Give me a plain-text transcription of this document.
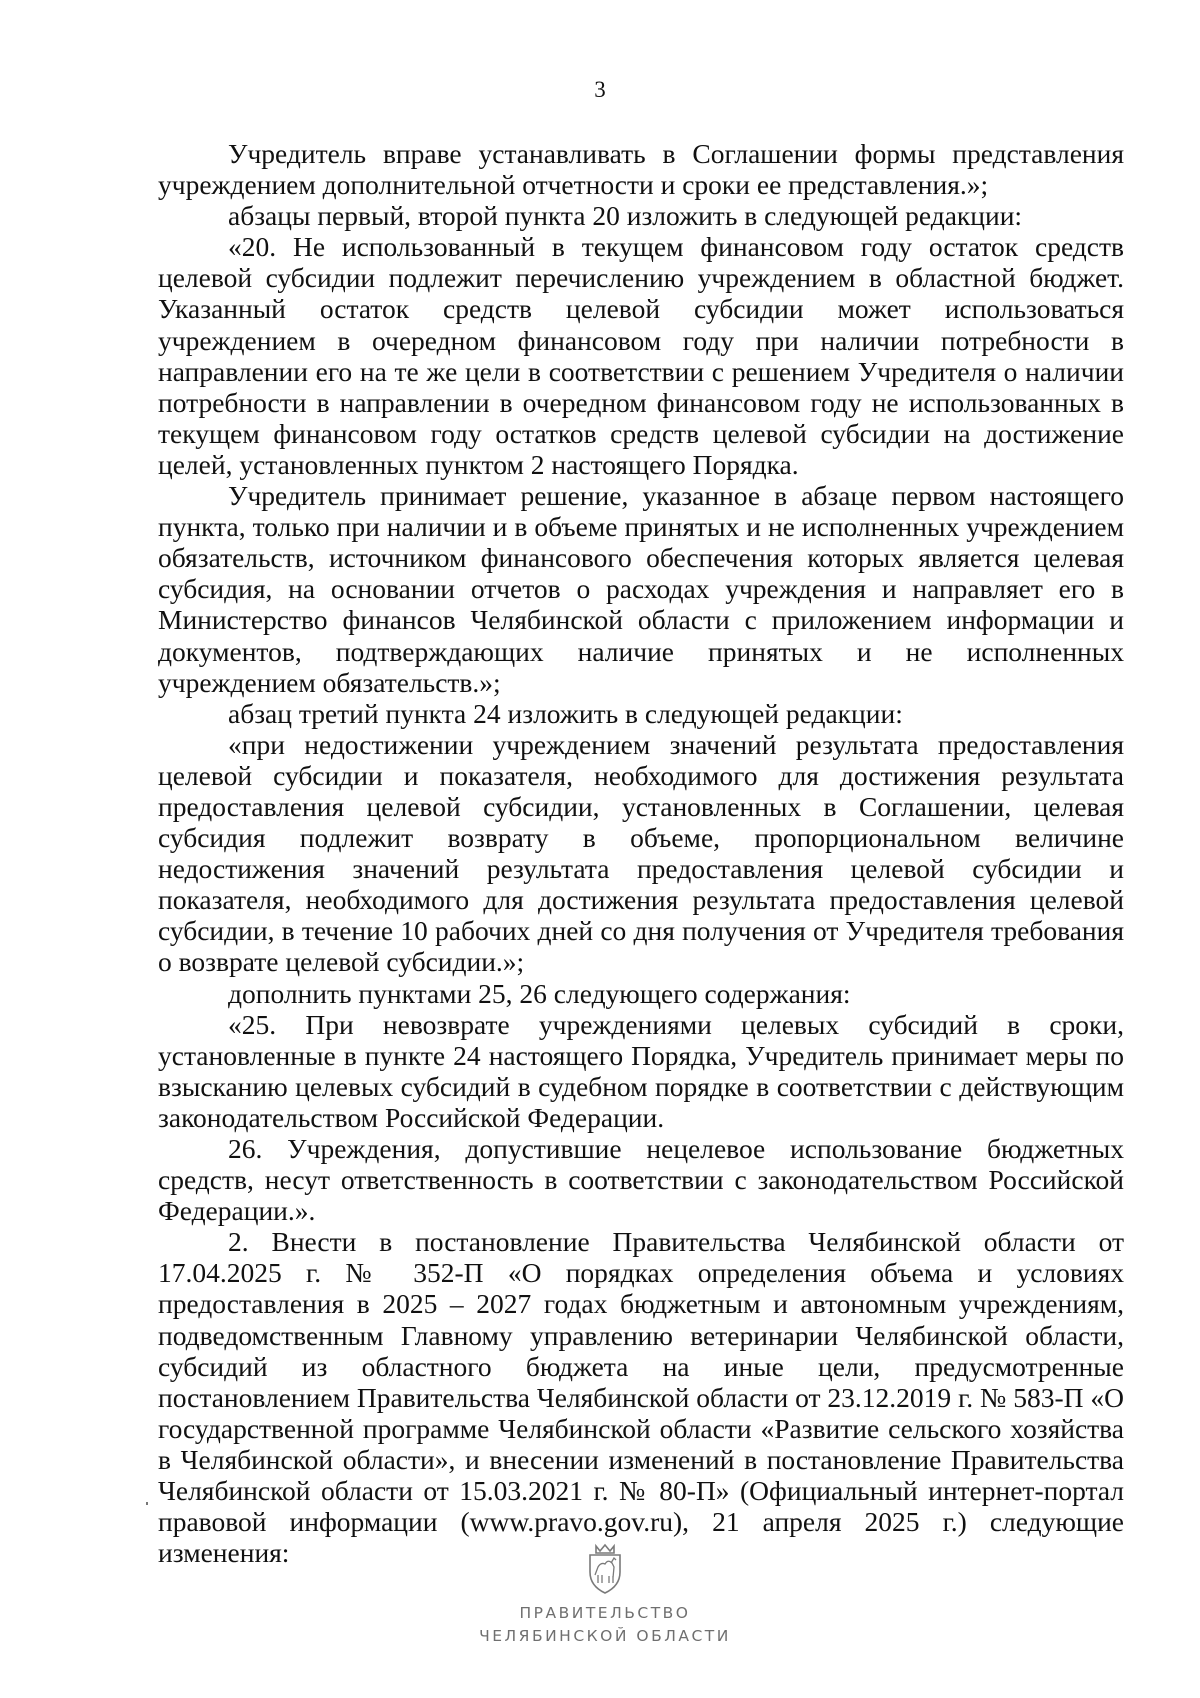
3

Учредитель вправе устанавливать в Соглашении формы представления учреждением дополнительной отчетности и сроки ее представления.»;

абзацы первый, второй пункта 20 изложить в следующей редакции:

«20. Не использованный в текущем финансовом году остаток средств целевой субсидии подлежит перечислению учреждением в областной бюджет. Указанный остаток средств целевой субсидии может использоваться учреждением в очередном финансовом году при наличии потребности в направлении его на те же цели в соответствии с решением Учредителя о наличии потребности в направлении в очередном финансовом году не использованных в текущем финансовом году остатков средств целевой субсидии на достижение целей, установленных пунктом 2 настоящего Порядка.

Учредитель принимает решение, указанное в абзаце первом настоящего пункта, только при наличии и в объеме принятых и не исполненных учреждением обязательств, источником финансового обеспечения которых является целевая субсидия, на основании отчетов о расходах учреждения и направляет его в Министерство финансов Челябинской области с приложением информации и документов, подтверждающих наличие принятых и не исполненных учреждением обязательств.»;

абзац третий пункта 24 изложить в следующей редакции:

«при недостижении учреждением значений результата предоставления целевой субсидии и показателя, необходимого для достижения результата предоставления целевой субсидии, установленных в Соглашении, целевая субсидия подлежит возврату в объеме, пропорциональном величине недостижения значений результата предоставления целевой субсидии и показателя, необходимого для достижения результата предоставления целевой субсидии, в течение 10 рабочих дней со дня получения от Учредителя требования о возврате целевой субсидии.»;

дополнить пунктами 25, 26 следующего содержания:

«25. При невозврате учреждениями целевых субсидий в сроки, установленные в пункте 24 настоящего Порядка, Учредитель принимает меры по взысканию целевых субсидий в судебном порядке в соответствии с действующим законодательством Российской Федерации.

26. Учреждения, допустившие нецелевое использование бюджетных средств, несут ответственность в соответствии с законодательством Российской Федерации.».

2. Внести в постановление Правительства Челябинской области от 17.04.2025 г. № 352-П «О порядках определения объема и условиях предоставления в 2025 – 2027 годах бюджетным и автономным учреждениям, подведомственным Главному управлению ветеринарии Челябинской области, субсидий из областного бюджета на иные цели, предусмотренные постановлением Правительства Челябинской области от 23.12.2019 г. № 583-П «О государственной программе Челябинской области «Развитие сельского хозяйства в Челябинской области», и внесении изменений в постановление Правительства Челябинской области от 15.03.2021 г. № 80-П» (Официальный интернет-портал правовой информации (www.pravo.gov.ru), 21 апреля 2025 г.) следующие изменения:

ПРАВИТЕЛЬСТВО
ЧЕЛЯБИНСКОЙ ОБЛАСТИ
